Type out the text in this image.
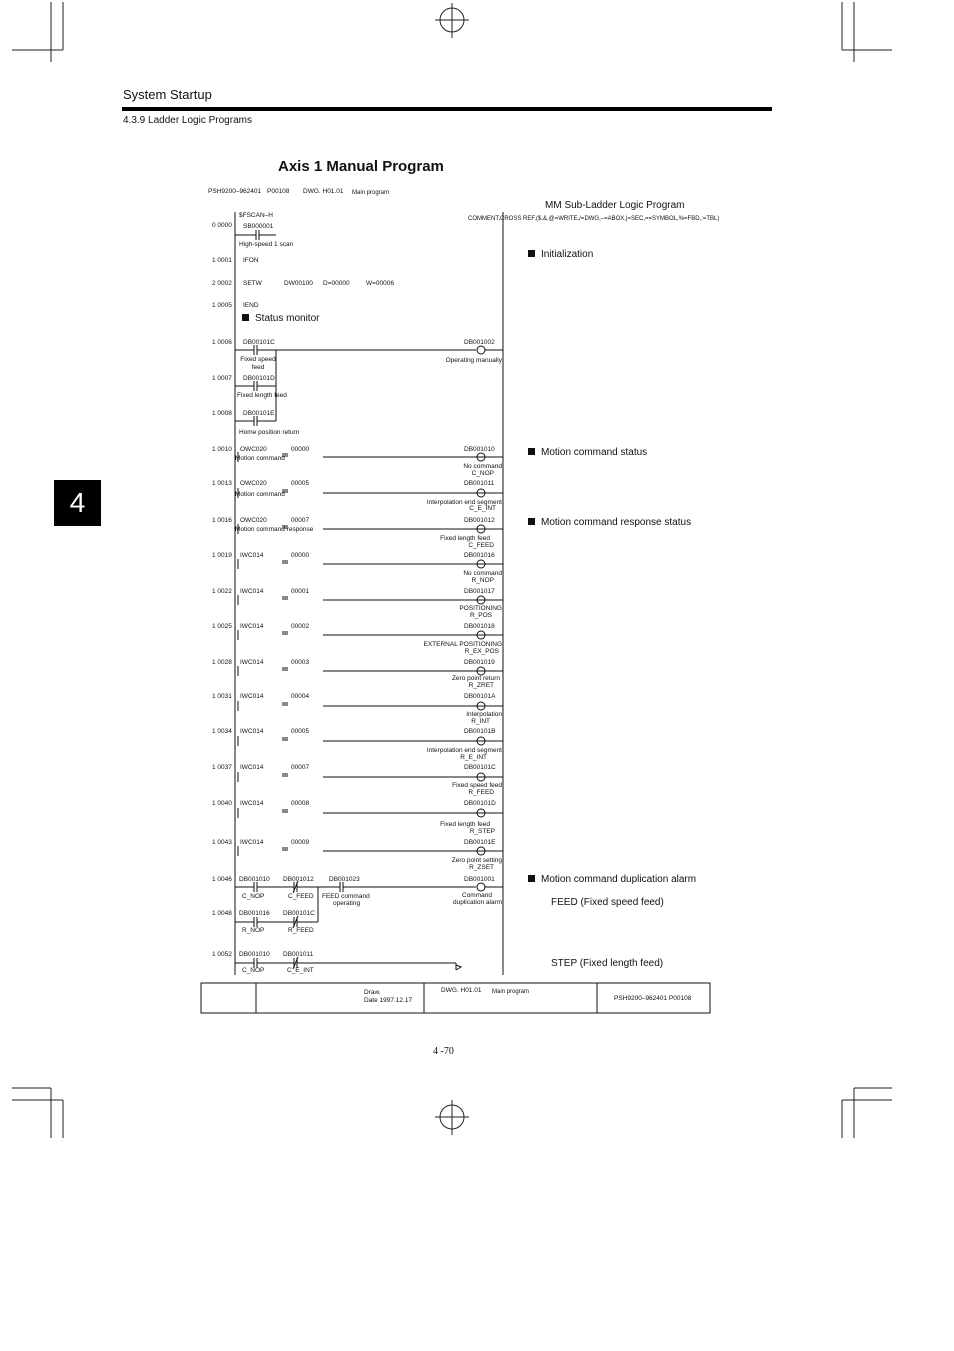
System Startup
4.3.9 Ladder Logic Programs
4
Axis 1 Manual Program
PSH9200–962401 P00108 DWG. H01.01 Main program
MM Sub-Ladder Logic Program
COMMENT,CROSS REF.($,&,@=WRITE,/=DWG,–=ABOX,|=SEC,==SYMBOL,%=FBD,:=TBL)
Initialization
Status monitor
Motion command status
Motion command response status
Motion command duplication alarm
FEED (Fixed speed feed)
STEP (Fixed length feed)
0 0000
$FSCAN–H
SB000001
High-speed 1 scan
1 0001 IFON
2 0002 SETW	DW00100 D=00000	W=00006
1 0005 IEND
1 0006 DB00101C
Fixed speed feed
1 0007 DB00101D
Fixed length feed
1 0008 DB00101E
Home position return
DB001002
Operating manually
1 0010 OWC020	00000
Motion command
DB001010
No command
C_NOP
1 0013 OWC020	00005
Motion command
DB001011
Interpolation end segment
C_E_INT
1 0016 OWC020	00007
Motion command response
DB001012
Fixed length feed
C_FEED
1 0019 IWC014	00000	DB001016
No command
R_NOP
1 0022 IWC014	00001	DB001017
POSITIONING
R_POS
1 0025 IWC014	00002	DB001018
EXTERNAL POSITIONING
R_EX_POS
1 0028 IWC014	00003	DB001019
Zero point return
R_ZRET
1 0031 IWC014	00004	DB00101A
Interpolation
R_INT
1 0034 IWC014	00005	DB00101B
Interpolation end segment
R_E_INT
1 0037 IWC014	00007	DB00101C
Fixed speed feed
R_FEED
1 0040 IWC014	00008	DB00101D
Fixed length feed
R_STEP
1 0043 IWC014	00009	DB00101E
Zero point setting
R_ZSET
1 0046 DB001010
C_NOP
DB001012
C_FEED
DB001023
FEED command
operating
DB001001
Command
duplication alarm
1 0048 DB001016
R_NOP
DB00101C
R_FEED
1 0052 DB001010
C_NOP
DB001011
C_E_INT
Draw.
Date 1997.12.17
DWG. H01.01 Main program
PSH9200–962401 P00108
4 -70
